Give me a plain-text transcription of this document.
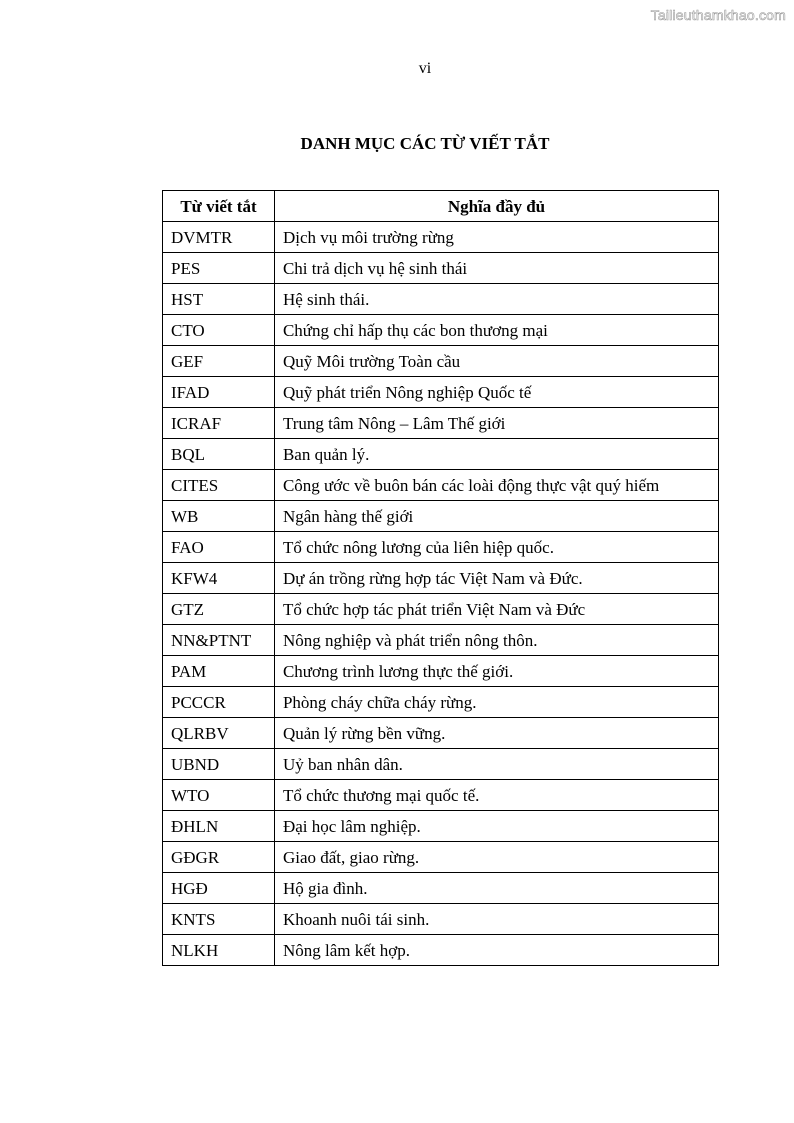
Tailieuthamkhao.com
vi
DANH MỤC CÁC TỪ VIẾT TẮT
Từ viết tắt	Nghĩa đầy đủ
DVMTR	Dịch vụ môi trường rừng
PES	Chi trả dịch vụ hệ sinh thái
HST	Hệ sinh thái.
CTO	Chứng chỉ hấp thụ các bon thương mại
GEF	Quỹ Môi trường Toàn cầu
IFAD	Quỹ phát triển Nông nghiệp Quốc tế
ICRAF	Trung tâm Nông – Lâm Thế giới
BQL	Ban quản lý.
CITES	Công ước về buôn bán các loài động thực vật quý hiếm
WB	Ngân hàng thế giới
FAO	Tổ chức nông lương của liên hiệp quốc.
KFW4	Dự án trồng rừng hợp tác Việt Nam và Đức.
GTZ	Tổ chức hợp tác phát triển Việt Nam và Đức
NN&PTNT	Nông nghiệp và phát triển nông thôn.
PAM	Chương trình lương thực thế giới.
PCCCR	Phòng cháy chữa cháy rừng.
QLRBV	Quản lý rừng bền vững.
UBND	Uỷ ban nhân dân.
WTO	Tổ chức thương mại quốc tế.
ĐHLN	Đại học lâm nghiệp.
GĐGR	Giao đất, giao rừng.
HGĐ	Hộ gia đình.
KNTS	Khoanh nuôi tái sinh.
NLKH	Nông lâm kết hợp.
